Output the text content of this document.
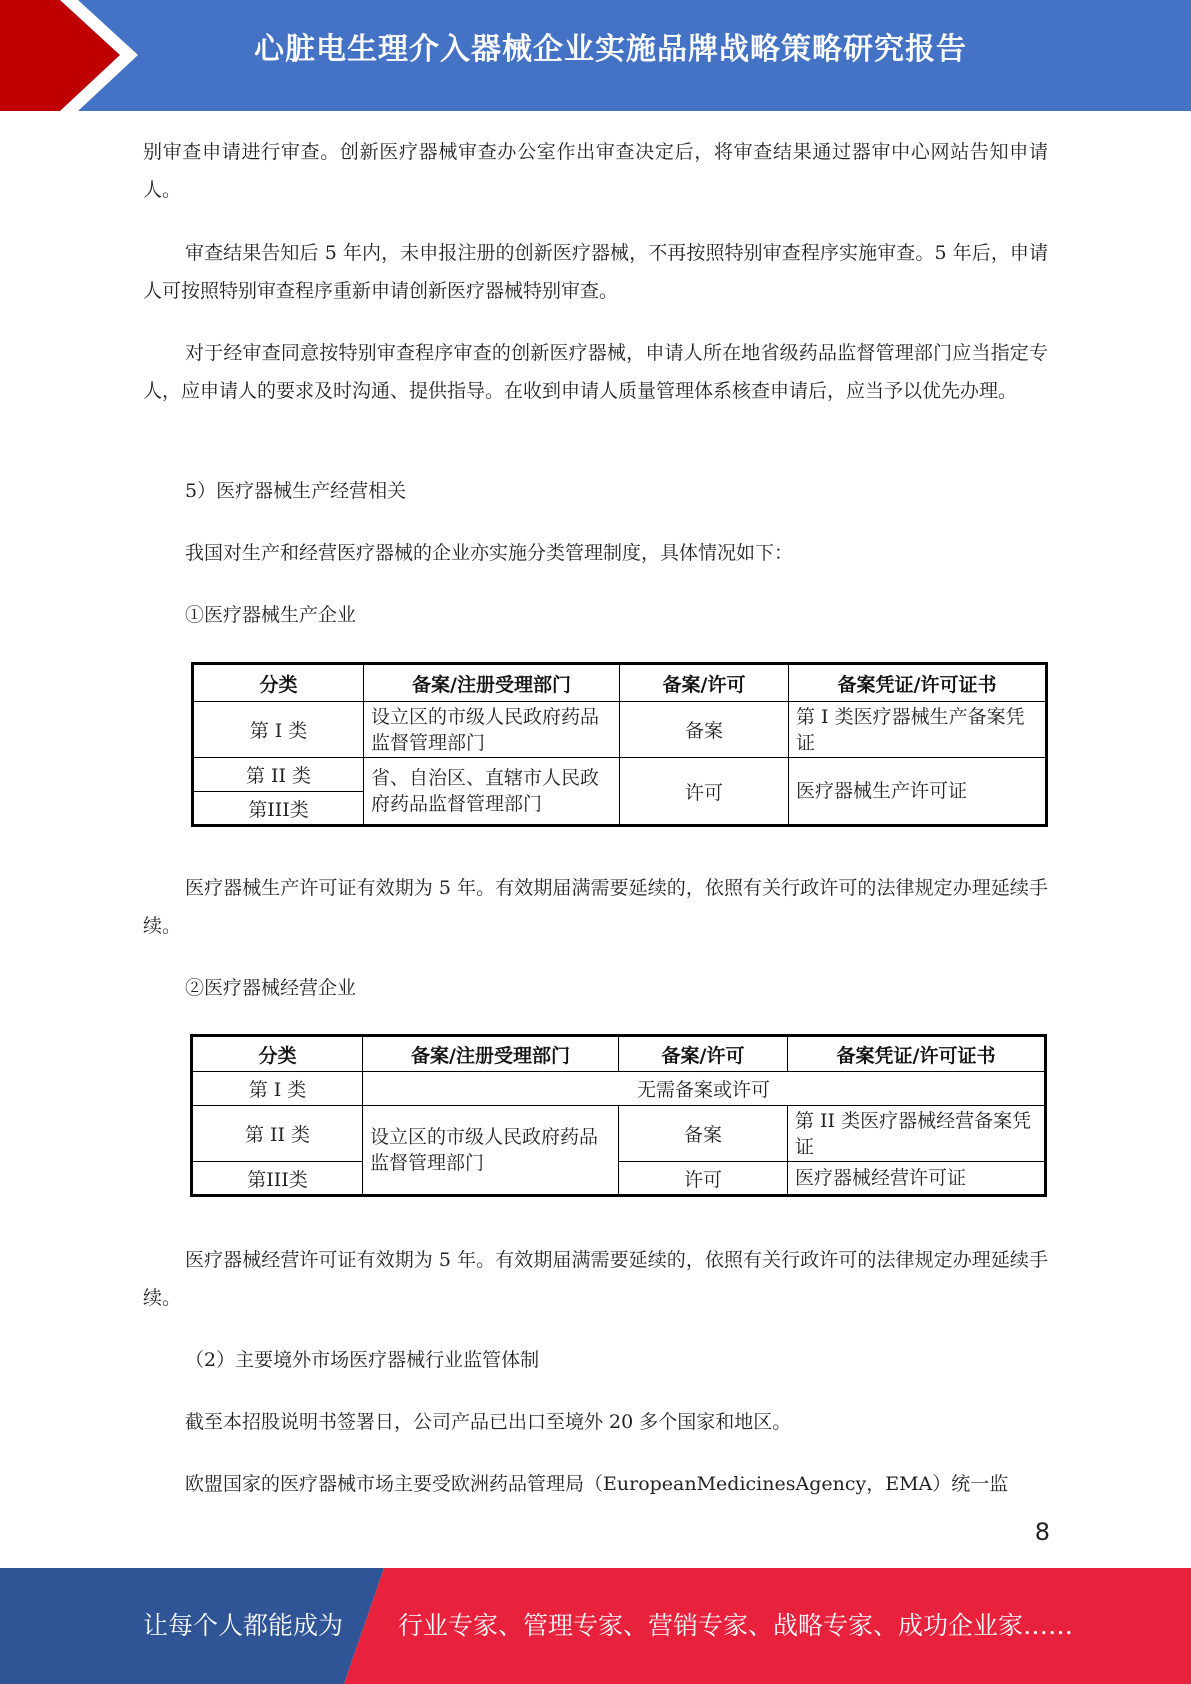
心脏电生理介入器械企业实施品牌战略策略研究报告

别审查申请进行审查。创新医疗器械审查办公室作出审查决定后，将审查结果通过器审中心网站告知申请人。

审查结果告知后 5 年内，未申报注册的创新医疗器械，不再按照特别审查程序实施审查。5 年后，申请人可按照特别审查程序重新申请创新医疗器械特别审查。

对于经审查同意按特别审查程序审查的创新医疗器械，申请人所在地省级药品监督管理部门应当指定专人，应申请人的要求及时沟通、提供指导。在收到申请人质量管理体系核查申请后，应当予以优先办理。

5）医疗器械生产经营相关

我国对生产和经营医疗器械的企业亦实施分类管理制度，具体情况如下：

①医疗器械生产企业

分类	备案/注册受理部门	备案/许可	备案凭证/许可证书
第 I 类	设立区的市级人民政府药品监督管理部门	备案	第 I 类医疗器械生产备案凭证
第 II 类	省、自治区、直辖市人民政府药品监督管理部门	许可	医疗器械生产许可证
第III类			

医疗器械生产许可证有效期为 5 年。有效期届满需要延续的，依照有关行政许可的法律规定办理延续手续。

②医疗器械经营企业

分类	备案/注册受理部门	备案/许可	备案凭证/许可证书
第 I 类	无需备案或许可		
第 II 类	设立区的市级人民政府药品监督管理部门	备案	第 II 类医疗器械经营备案凭证
第III类		许可	医疗器械经营许可证

医疗器械经营许可证有效期为 5 年。有效期届满需要延续的，依照有关行政许可的法律规定办理延续手续。

（2）主要境外市场医疗器械行业监管体制

截至本招股说明书签署日，公司产品已出口至境外 20 多个国家和地区。

欧盟国家的医疗器械市场主要受欧洲药品管理局（EuropeanMedicinesAgency，EMA）统一监

8
让每个人都能成为 行业专家、管理专家、营销专家、战略专家、成功企业家……
